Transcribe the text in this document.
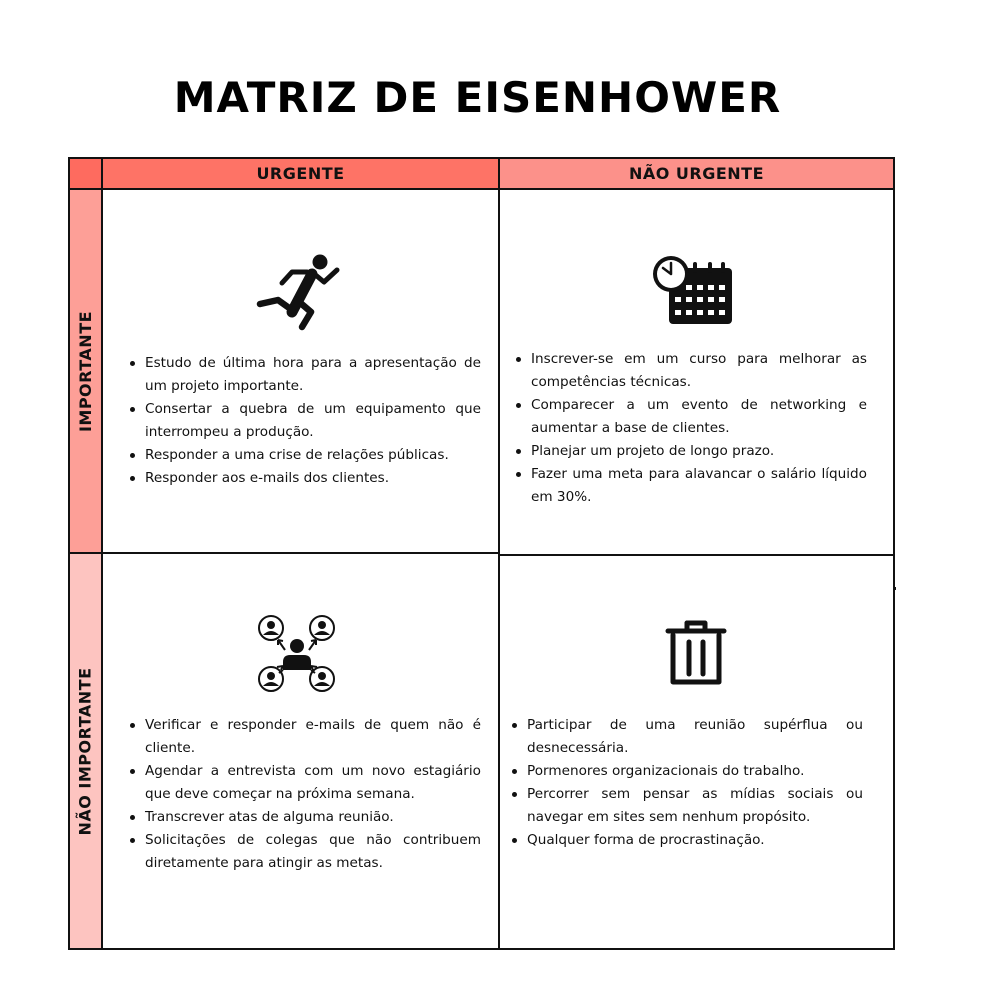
MATRIZ DE EISENHOWER
URGENTE	NÃO URGENTE
IMPORTANTE
NÃO IMPORTANTE
Estudo de última hora para a apresentação de um projeto importante.
Consertar a quebra de um equipamento que interrompeu a produção.
Responder a uma crise de relações públicas.
Responder aos e-mails dos clientes.
Inscrever-se em um curso para melhorar as competências técnicas.
Comparecer a um evento de networking e aumentar a base de clientes.
Planejar um projeto de longo prazo.
Fazer uma meta para alavancar o salário líquido em 30%.
Verificar e responder e-mails de quem não é cliente.
Agendar a entrevista com um novo estagiário que deve começar na próxima semana.
Transcrever atas de alguma reunião.
Solicitações de colegas que não contribuem diretamente para atingir as metas.
Participar de uma reunião supérflua ou desnecessária.
Pormenores organizacionais do trabalho.
Percorrer sem pensar as mídias sociais ou navegar em sites sem nenhum propósito.
Qualquer forma de procrastinação.
